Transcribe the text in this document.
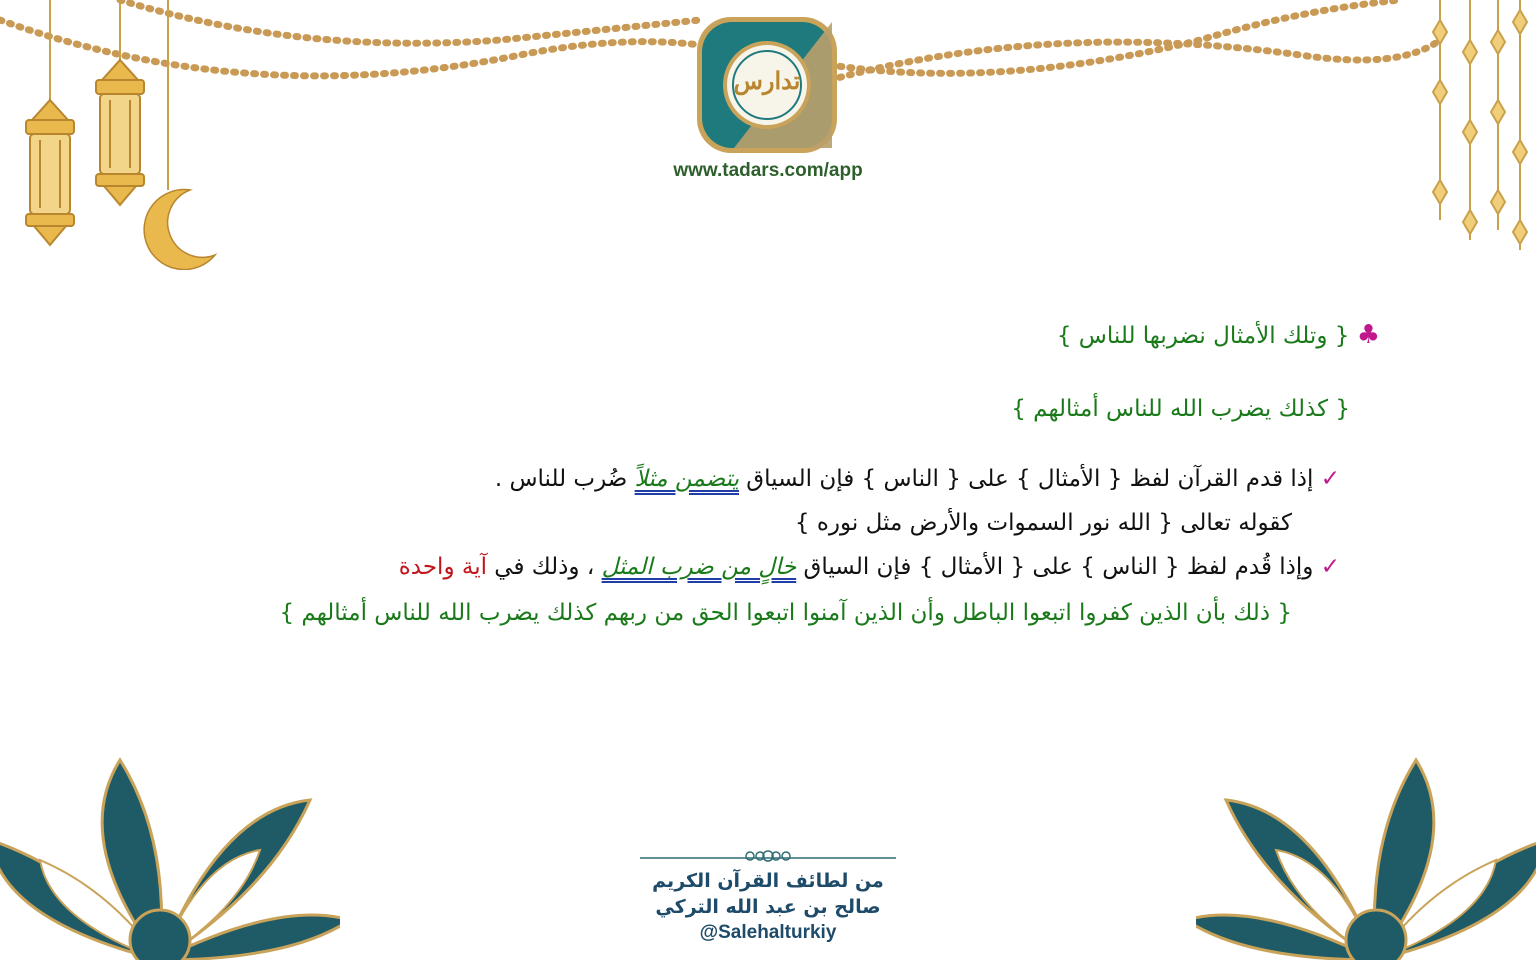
تدارس
www.tadars.com/app
♣ { وتلك الأمثال نضربها للناس }
{ كذلك يضرب الله للناس أمثالهم }
✓ إذا قدم القرآن لفظ { الأمثال } على { الناس } فإن السياق يتضمن مثلاً ضُرب للناس .
كقوله تعالى { الله نور السموات والأرض مثل نوره }
✓ وإذا قُدم لفظ { الناس } على { الأمثال } فإن السياق خالٍ من ضرب المثل ، وذلك في آية واحدة
{ ذلك بأن الذين كفروا اتبعوا الباطل وأن الذين آمنوا اتبعوا الحق من ربهم كذلك يضرب الله للناس أمثالهم }
من لطائف القرآن الكريم
صالح بن عبد الله التركي
@Salehalturkiy
